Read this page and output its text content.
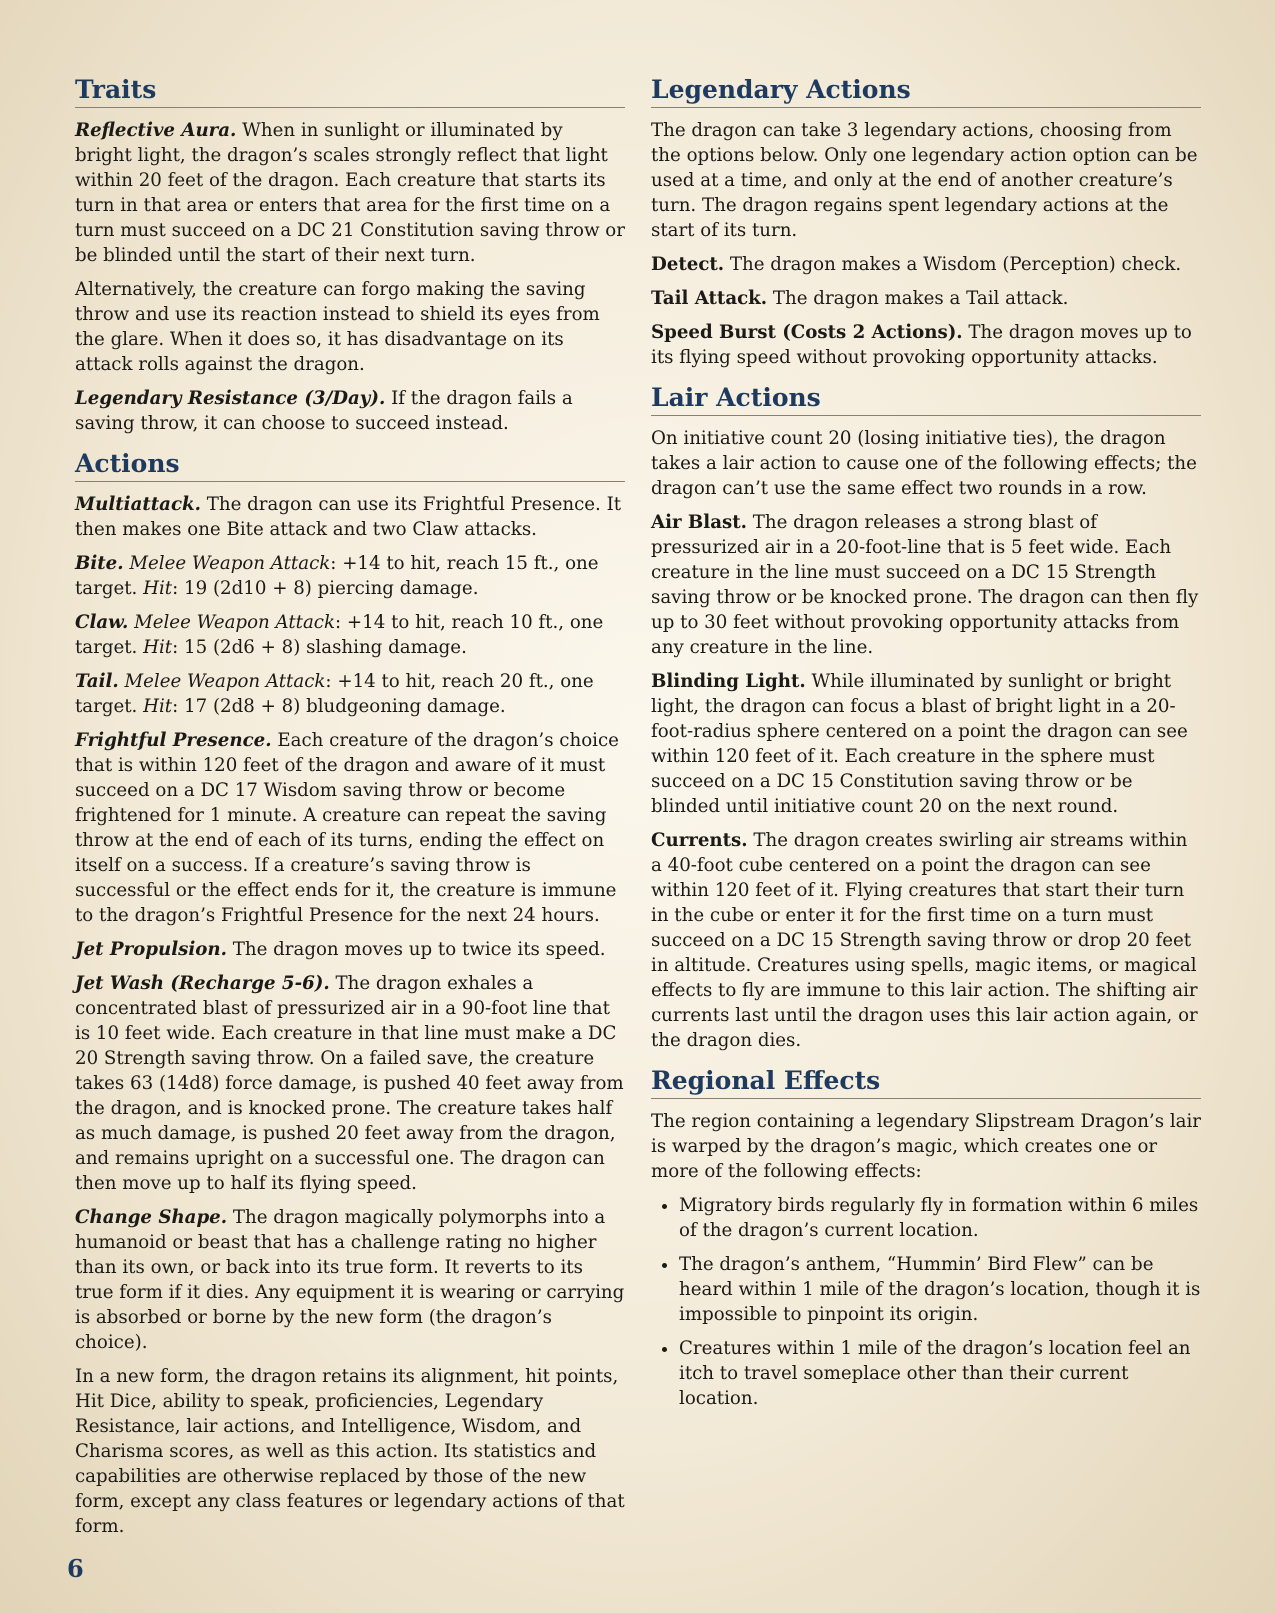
Traits

Reflective Aura. When in sunlight or illuminated by bright light, the dragon’s scales strongly reflect that light within 20 feet of the dragon. Each creature that starts its turn in that area or enters that area for the first time on a turn must succeed on a DC 21 Constitution saving throw or be blinded until the start of their next turn.

Alternatively, the creature can forgo making the saving throw and use its reaction instead to shield its eyes from the glare. When it does so, it has disadvantage on its attack rolls against the dragon.

Legendary Resistance (3/Day). If the dragon fails a saving throw, it can choose to succeed instead.

Actions

Multiattack. The dragon can use its Frightful Presence. It then makes one Bite attack and two Claw attacks.

Bite. Melee Weapon Attack: +14 to hit, reach 15 ft., one target. Hit: 19 (2d10 + 8) piercing damage.

Claw. Melee Weapon Attack: +14 to hit, reach 10 ft., one target. Hit: 15 (2d6 + 8) slashing damage.

Tail. Melee Weapon Attack: +14 to hit, reach 20 ft., one target. Hit: 17 (2d8 + 8) bludgeoning damage.

Frightful Presence. Each creature of the dragon’s choice that is within 120 feet of the dragon and aware of it must succeed on a DC 17 Wisdom saving throw or become frightened for 1 minute. A creature can repeat the saving throw at the end of each of its turns, ending the effect on itself on a success. If a creature’s saving throw is successful or the effect ends for it, the creature is immune to the dragon’s Frightful Presence for the next 24 hours.

Jet Propulsion. The dragon moves up to twice its speed.

Jet Wash (Recharge 5-6). The dragon exhales a concentrated blast of pressurized air in a 90-foot line that is 10 feet wide. Each creature in that line must make a DC 20 Strength saving throw. On a failed save, the creature takes 63 (14d8) force damage, is pushed 40 feet away from the dragon, and is knocked prone. The creature takes half as much damage, is pushed 20 feet away from the dragon, and remains upright on a successful one. The dragon can then move up to half its flying speed.

Change Shape. The dragon magically polymorphs into a humanoid or beast that has a challenge rating no higher than its own, or back into its true form. It reverts to its true form if it dies. Any equipment it is wearing or carrying is absorbed or borne by the new form (the dragon’s choice).

In a new form, the dragon retains its alignment, hit points, Hit Dice, ability to speak, proficiencies, Legendary Resistance, lair actions, and Intelligence, Wisdom, and Charisma scores, as well as this action. Its statistics and capabilities are otherwise replaced by those of the new form, except any class features or legendary actions of that form.

Legendary Actions

The dragon can take 3 legendary actions, choosing from the options below. Only one legendary action option can be used at a time, and only at the end of another creature’s turn. The dragon regains spent legendary actions at the start of its turn.

Detect. The dragon makes a Wisdom (Perception) check.

Tail Attack. The dragon makes a Tail attack.

Speed Burst (Costs 2 Actions). The dragon moves up to its flying speed without provoking opportunity attacks.

Lair Actions

On initiative count 20 (losing initiative ties), the dragon takes a lair action to cause one of the following effects; the dragon can’t use the same effect two rounds in a row.

Air Blast. The dragon releases a strong blast of pressurized air in a 20-foot-line that is 5 feet wide. Each creature in the line must succeed on a DC 15 Strength saving throw or be knocked prone. The dragon can then fly up to 30 feet without provoking opportunity attacks from any creature in the line.

Blinding Light. While illuminated by sunlight or bright light, the dragon can focus a blast of bright light in a 20-foot-radius sphere centered on a point the dragon can see within 120 feet of it. Each creature in the sphere must succeed on a DC 15 Constitution saving throw or be blinded until initiative count 20 on the next round.

Currents. The dragon creates swirling air streams within a 40-foot cube centered on a point the dragon can see within 120 feet of it. Flying creatures that start their turn in the cube or enter it for the first time on a turn must succeed on a DC 15 Strength saving throw or drop 20 feet in altitude. Creatures using spells, magic items, or magical effects to fly are immune to this lair action. The shifting air currents last until the dragon uses this lair action again, or the dragon dies.

Regional Effects

The region containing a legendary Slipstream Dragon’s lair is warped by the dragon’s magic, which creates one or more of the following effects:

• Migratory birds regularly fly in formation within 6 miles of the dragon’s current location.
• The dragon’s anthem, “Hummin’ Bird Flew” can be heard within 1 mile of the dragon’s location, though it is impossible to pinpoint its origin.
• Creatures within 1 mile of the dragon’s location feel an itch to travel someplace other than their current location.
6
